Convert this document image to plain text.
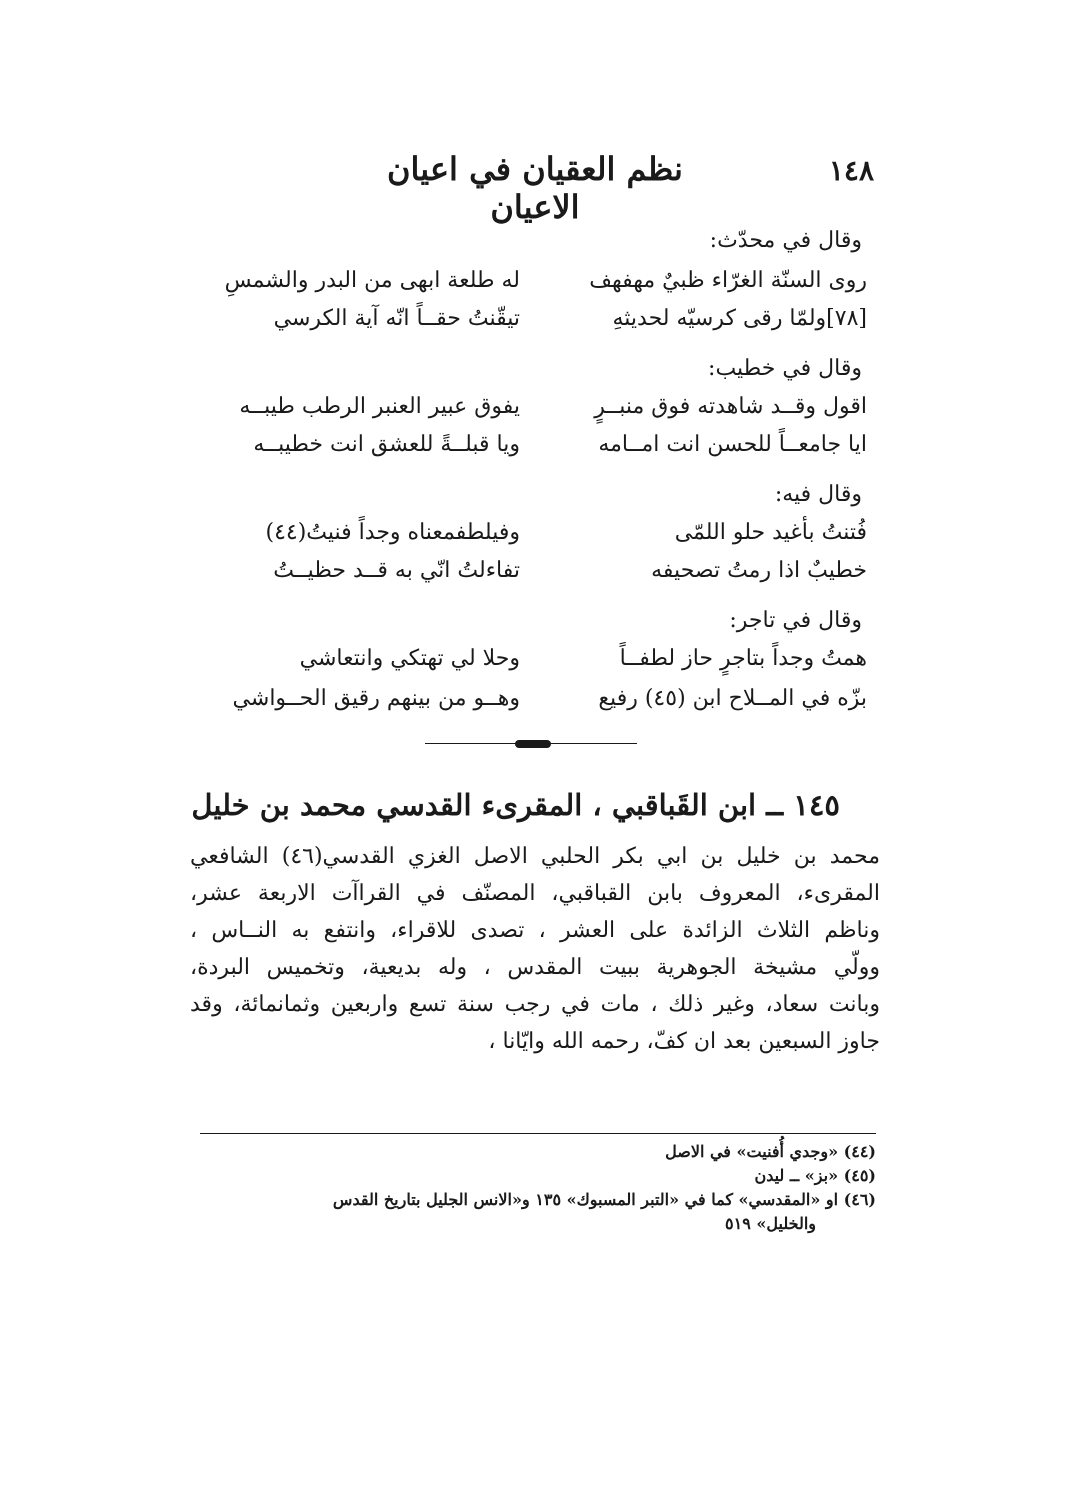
١٤٨
نظم العقيان في اعيان الاعيان
وقال في محدّث:
روى السنّة الغرّاء ظبيٌ مهفهف
له طلعة ابهى من البدر والشمسِ
[٧٨]ولمّا رقى كرسيّه لحديثهِ
تيقّنتُ حقــاً انّه آية الكرسي
وقال في خطيب:
اقول وقــد شاهدته فوق منبــرٍ
يفوق عبير العنبر الرطب طيبــه
ايا جامعــاً للحسن انت امــامه
ويا قبلــةً للعشق انت خطيبــه
وقال فيه:
فُتنتُ بأغيد حلو اللمّى
وفيلطفمعناه وجداً فنيتُ(٤٤)
خطيبٌ اذا رمتُ تصحيفه
تفاءلتُ انّي به قــد حظيــتُ
وقال في تاجر:
همتُ وجداً بتاجرٍ حاز لطفــاً
وحلا لي تهتكي وانتعاشي
بزّه في المــلاح ابن (٤٥) رفيع
وهــو من بينهم رقيق الحــواشي
١٤٥ ــ ابن القَباقبي ، المقرىء القدسي محمد بن خليل
محمد بن خليل بن ابي بكر الحلبي الاصل الغزي القدسي(٤٦) الشافعي
المقرىء، المعروف بابن القباقبي، المصنّف في القراآت الاربعة عشر،
وناظم الثلاث الزائدة على العشر ، تصدى للاقراء، وانتفع به النــاس ،
وولّي مشيخة الجوهرية ببيت المقدس ، وله بديعية، وتخميس البردة،
وبانت سعاد، وغير ذلك ، مات في رجب سنة تسع واربعين وثمانمائة، وقد
جاوز السبعين بعد ان كفّ، رحمه الله وايّانا ،
(٤٤) «وجدي أُفنيت» في الاصل
(٤٥) «بز» ــ ليدن
(٤٦) او «المقدسي» كما في «التبر المسبوك» ١٣٥ و«الانس الجليل بتاريخ القدس
والخليل» ٥١٩
